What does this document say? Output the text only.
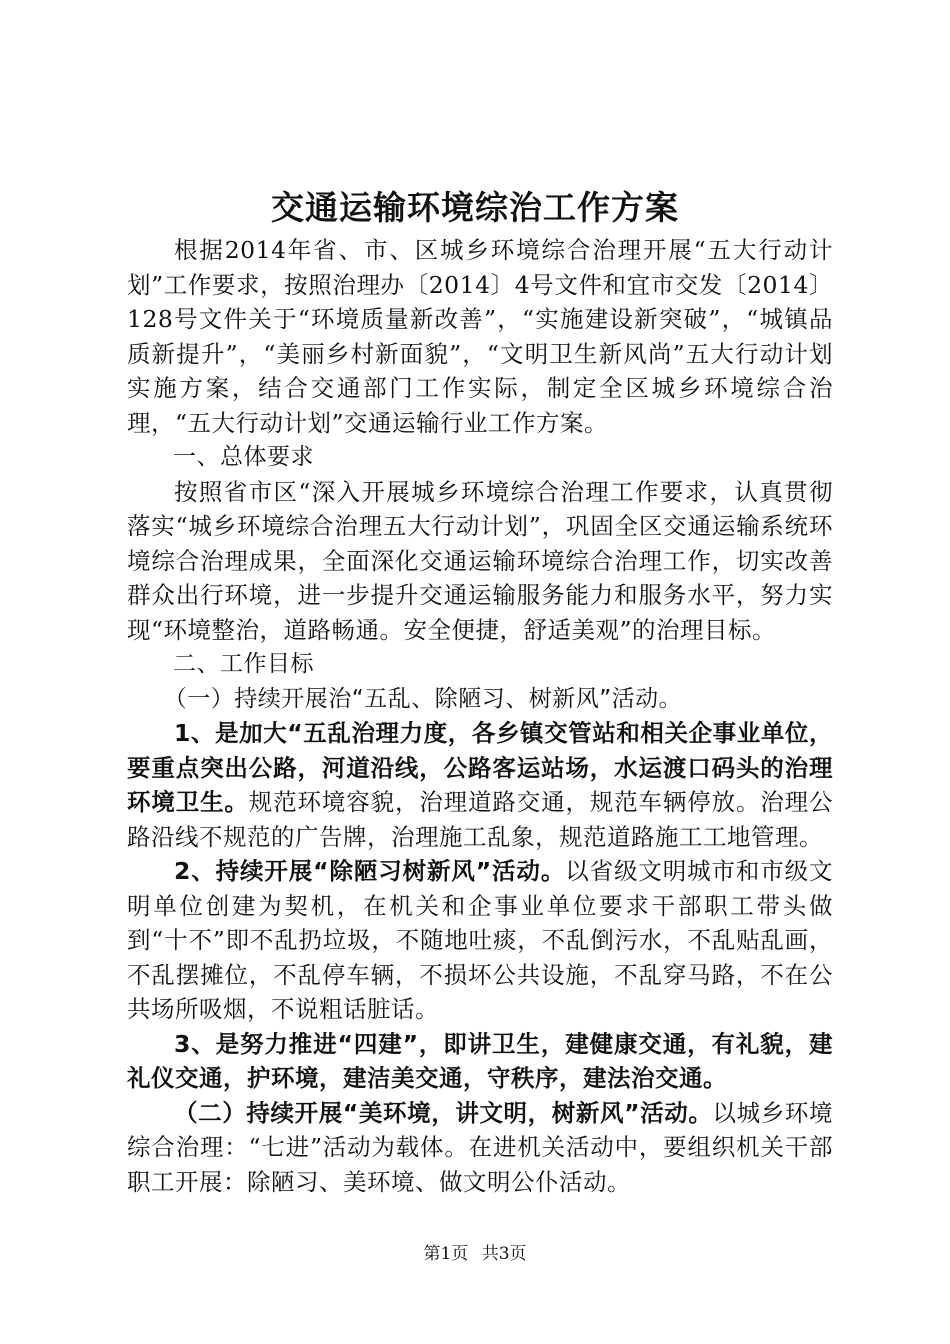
交通运输环境综治工作方案

根据2014年省、市、区城乡环境综合治理开展“五大行动计划”工作要求，按照治理办〔2014〕4号文件和宜市交发〔2014〕128号文件关于“环境质量新改善”，“实施建设新突破”，“城镇品质新提升”，“美丽乡村新面貌”，“文明卫生新风尚”五大行动计划实施方案，结合交通部门工作实际，制定全区城乡环境综合治理，“五大行动计划”交通运输行业工作方案。

一、总体要求

按照省市区“深入开展城乡环境综合治理工作要求，认真贯彻落实“城乡环境综合治理五大行动计划”，巩固全区交通运输系统环境综合治理成果，全面深化交通运输环境综合治理工作，切实改善群众出行环境，进一步提升交通运输服务能力和服务水平，努力实现“环境整治，道路畅通。安全便捷，舒适美观”的治理目标。

二、工作目标

（一）持续开展治“五乱、除陋习、树新风”活动。

1、是加大“五乱治理力度，各乡镇交管站和相关企事业单位，要重点突出公路，河道沿线，公路客运站场，水运渡口码头的治理环境卫生。规范环境容貌，治理道路交通，规范车辆停放。治理公路沿线不规范的广告牌，治理施工乱象，规范道路施工工地管理。

2、持续开展“除陋习树新风”活动。以省级文明城市和市级文明单位创建为契机，在机关和企事业单位要求干部职工带头做到“十不”即不乱扔垃圾，不随地吐痰，不乱倒污水，不乱贴乱画，不乱摆摊位，不乱停车辆，不损坏公共设施，不乱穿马路，不在公共场所吸烟，不说粗话脏话。

3、是努力推进“四建”，即讲卫生，建健康交通，有礼貌，建礼仪交通，护环境，建洁美交通，守秩序，建法治交通。

（二）持续开展“美环境，讲文明，树新风”活动。以城乡环境综合治理：“七进”活动为载体。在进机关活动中，要组织机关干部职工开展：除陋习、美环境、做文明公仆活动。

第1页 共3页
